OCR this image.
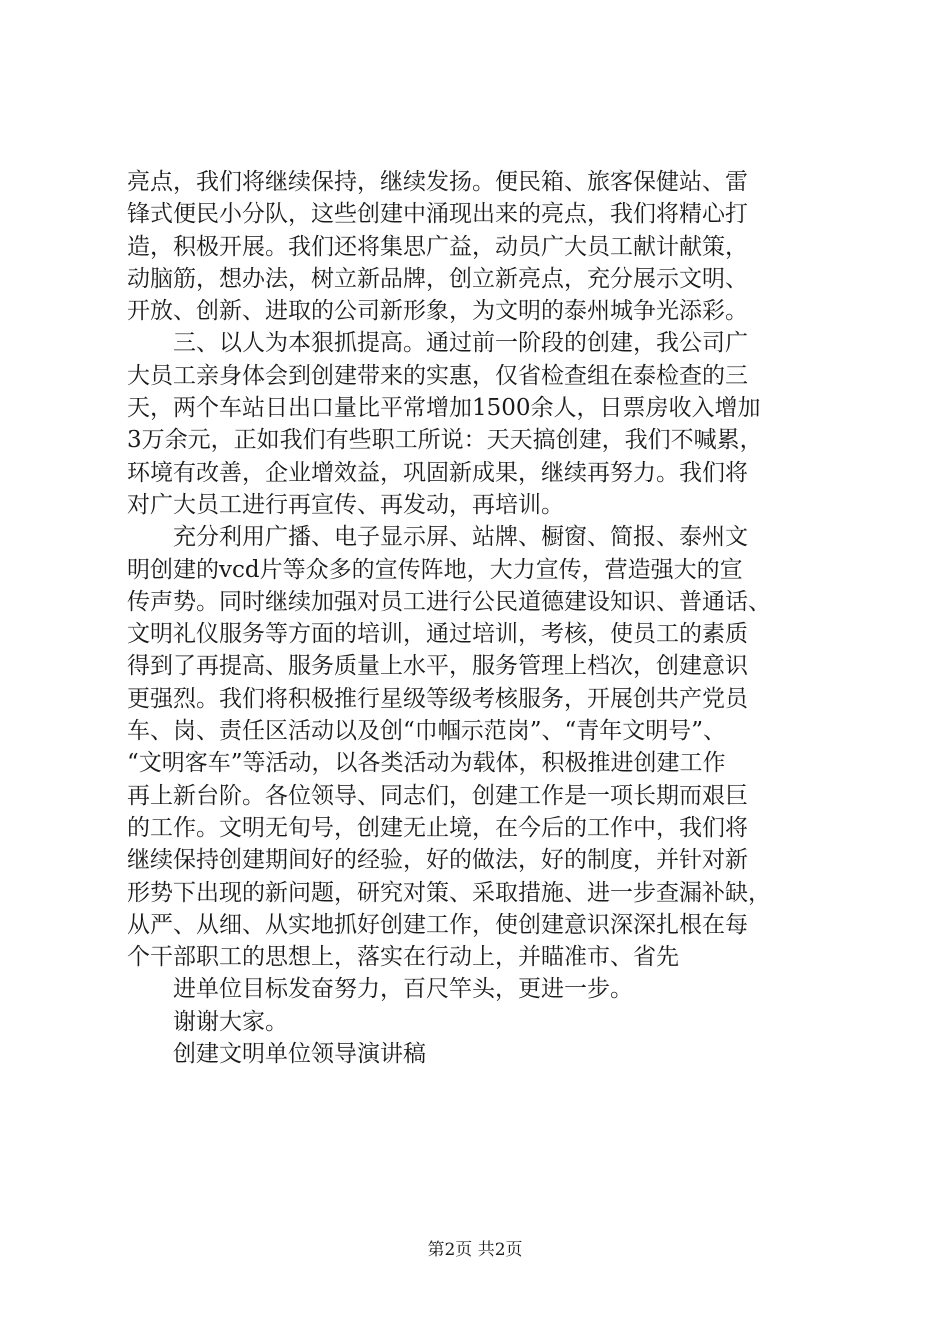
亮点，我们将继续保持，继续发扬。便民箱、旅客保健站、雷
锋式便民小分队，这些创建中涌现出来的亮点，我们将精心打
造，积极开展。我们还将集思广益，动员广大员工献计献策，
动脑筋，想办法，树立新品牌，创立新亮点，充分展示文明、
开放、创新、进取的公司新形象，为文明的泰州城争光添彩。
三、以人为本狠抓提高。通过前一阶段的创建，我公司广
大员工亲身体会到创建带来的实惠，仅省检查组在泰检查的三
天，两个车站日出口量比平常增加1500余人，日票房收入增加
3万余元，正如我们有些职工所说：天天搞创建，我们不喊累，
环境有改善，企业增效益，巩固新成果，继续再努力。我们将
对广大员工进行再宣传、再发动，再培训。
充分利用广播、电子显示屏、站牌、橱窗、简报、泰州文
明创建的vcd片等众多的宣传阵地，大力宣传，营造强大的宣
传声势。同时继续加强对员工进行公民道德建设知识、普通话、
文明礼仪服务等方面的培训，通过培训，考核，使员工的素质
得到了再提高、服务质量上水平，服务管理上档次，创建意识
更强烈。我们将积极推行星级等级考核服务，开展创共产党员
车、岗、责任区活动以及创“巾帼示范岗”、“青年文明号”、
“文明客车”等活动，以各类活动为载体，积极推进创建工作
再上新台阶。各位领导、同志们，创建工作是一项长期而艰巨
的工作。文明无旬号，创建无止境，在今后的工作中，我们将
继续保持创建期间好的经验，好的做法，好的制度，并针对新
形势下出现的新问题，研究对策、采取措施、进一步查漏补缺，
从严、从细、从实地抓好创建工作，使创建意识深深扎根在每
个干部职工的思想上，落实在行动上，并瞄准市、省先
进单位目标发奋努力，百尺竿头，更进一步。
谢谢大家。
创建文明单位领导演讲稿
第2页 共2页
